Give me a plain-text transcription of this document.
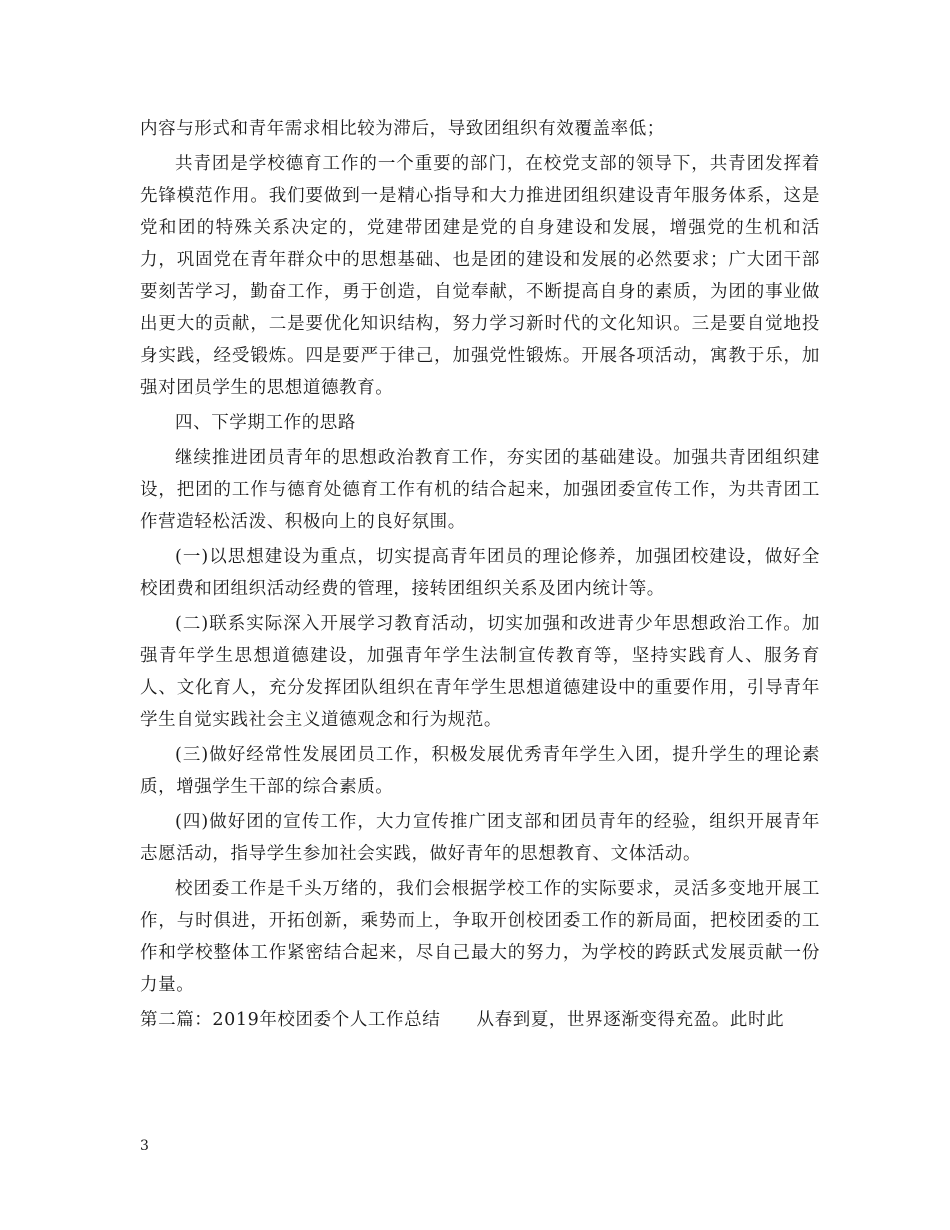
内容与形式和青年需求相比较为滞后，导致团组织有效覆盖率低；

共青团是学校德育工作的一个重要的部门，在校党支部的领导下，共青团发挥着先锋模范作用。我们要做到一是精心指导和大力推进团组织建设青年服务体系，这是党和团的特殊关系决定的，党建带团建是党的自身建设和发展，增强党的生机和活力，巩固党在青年群众中的思想基础、也是团的建设和发展的必然要求；广大团干部要刻苦学习，勤奋工作，勇于创造，自觉奉献，不断提高自身的素质，为团的事业做出更大的贡献，二是要优化知识结构，努力学习新时代的文化知识。三是要自觉地投身实践，经受锻炼。四是要严于律己，加强党性锻炼。开展各项活动，寓教于乐，加强对团员学生的思想道德教育。

四、下学期工作的思路

继续推进团员青年的思想政治教育工作，夯实团的基础建设。加强共青团组织建设，把团的工作与德育处德育工作有机的结合起来，加强团委宣传工作，为共青团工作营造轻松活泼、积极向上的良好氛围。

(一)以思想建设为重点，切实提高青年团员的理论修养，加强团校建设，做好全校团费和团组织活动经费的管理，接转团组织关系及团内统计等。

(二)联系实际深入开展学习教育活动，切实加强和改进青少年思想政治工作。加强青年学生思想道德建设，加强青年学生法制宣传教育等，坚持实践育人、服务育人、文化育人，充分发挥团队组织在青年学生思想道德建设中的重要作用，引导青年学生自觉实践社会主义道德观念和行为规范。

(三)做好经常性发展团员工作，积极发展优秀青年学生入团，提升学生的理论素质，增强学生干部的综合素质。

(四)做好团的宣传工作，大力宣传推广团支部和团员青年的经验，组织开展青年志愿活动，指导学生参加社会实践，做好青年的思想教育、文体活动。

校团委工作是千头万绪的，我们会根据学校工作的实际要求，灵活多变地开展工作，与时俱进，开拓创新，乘势而上，争取开创校团委工作的新局面，把校团委的工作和学校整体工作紧密结合起来，尽自己最大的努力，为学校的跨跃式发展贡献一份力量。

第二篇：2019年校团委个人工作总结　　从春到夏，世界逐渐变得充盈。此时此

3
